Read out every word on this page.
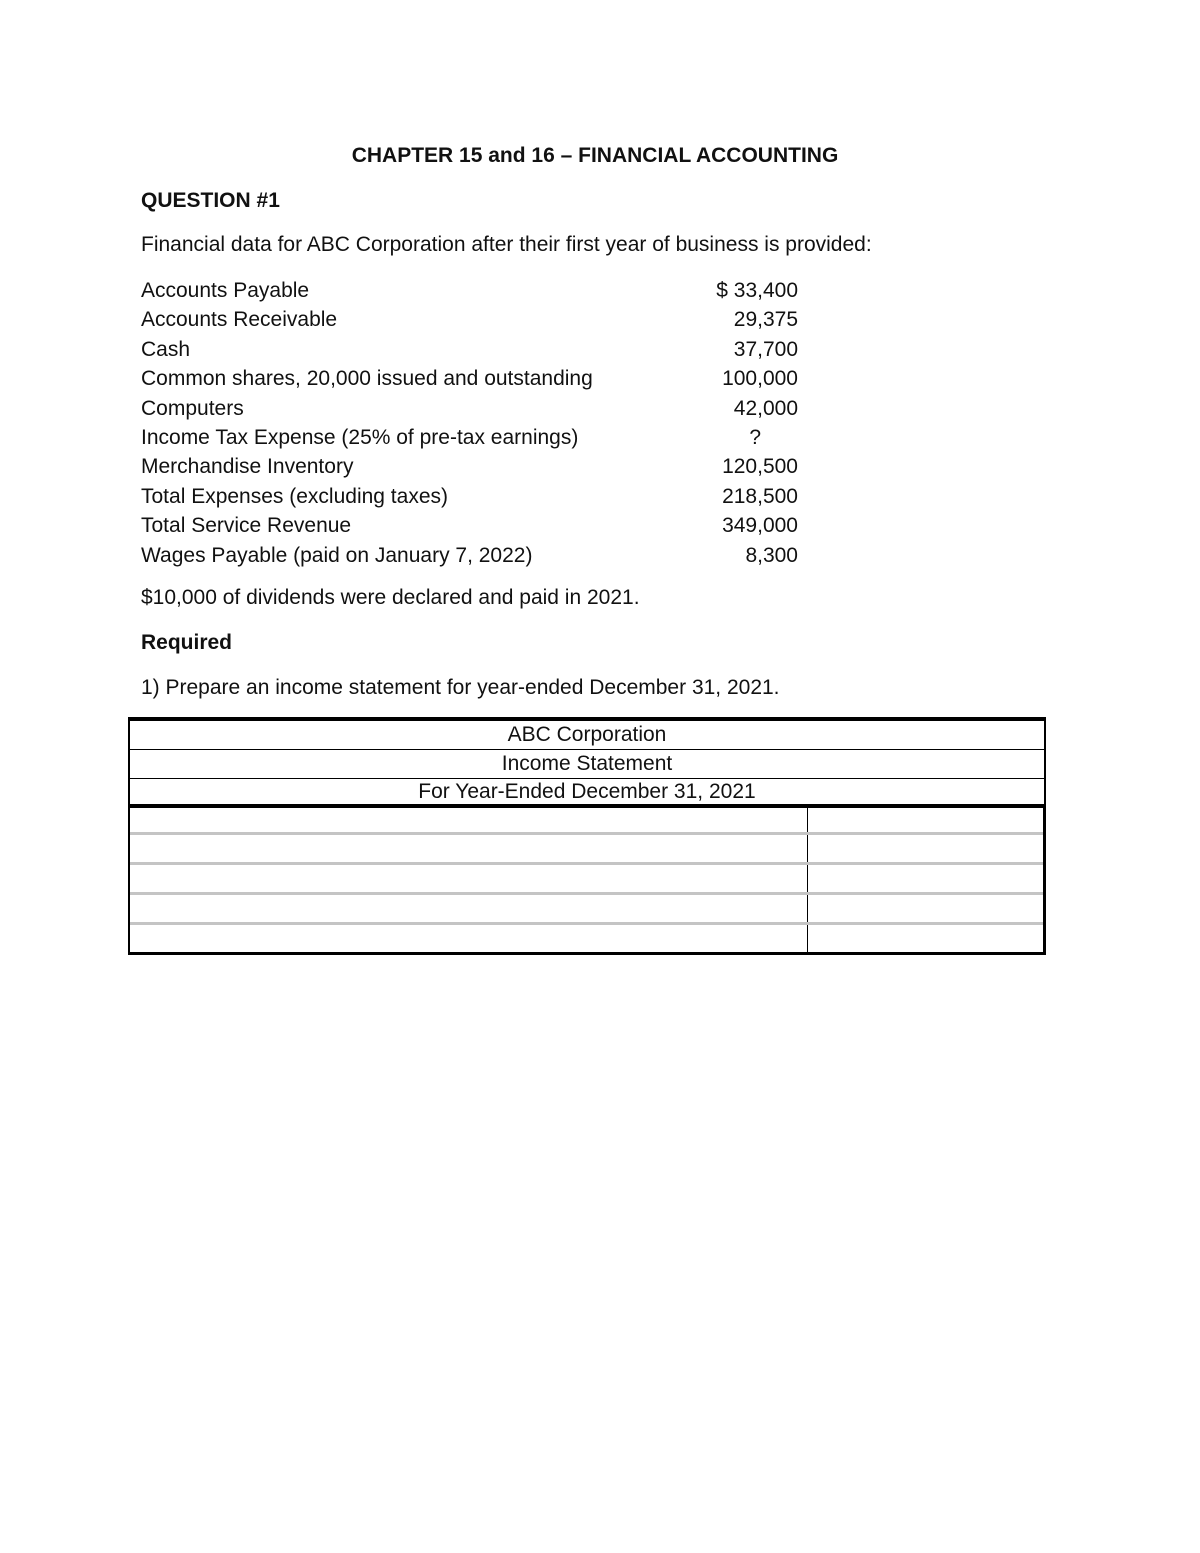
CHAPTER 15 and 16 – FINANCIAL ACCOUNTING
QUESTION #1
Financial data for ABC Corporation after their first year of business is provided:
Accounts Payable	$ 33,400
Accounts Receivable	29,375
Cash	37,700
Common shares, 20,000 issued and outstanding	100,000
Computers	42,000
Income Tax Expense (25% of pre-tax earnings)	?
Merchandise Inventory	120,500
Total Expenses (excluding taxes)	218,500
Total Service Revenue	349,000
Wages Payable (paid on January 7, 2022)	8,300
$10,000 of dividends were declared and paid in 2021.
Required
1) Prepare an income statement for year-ended December 31, 2021.
ABC Corporation
Income Statement
For Year-Ended December 31, 2021
